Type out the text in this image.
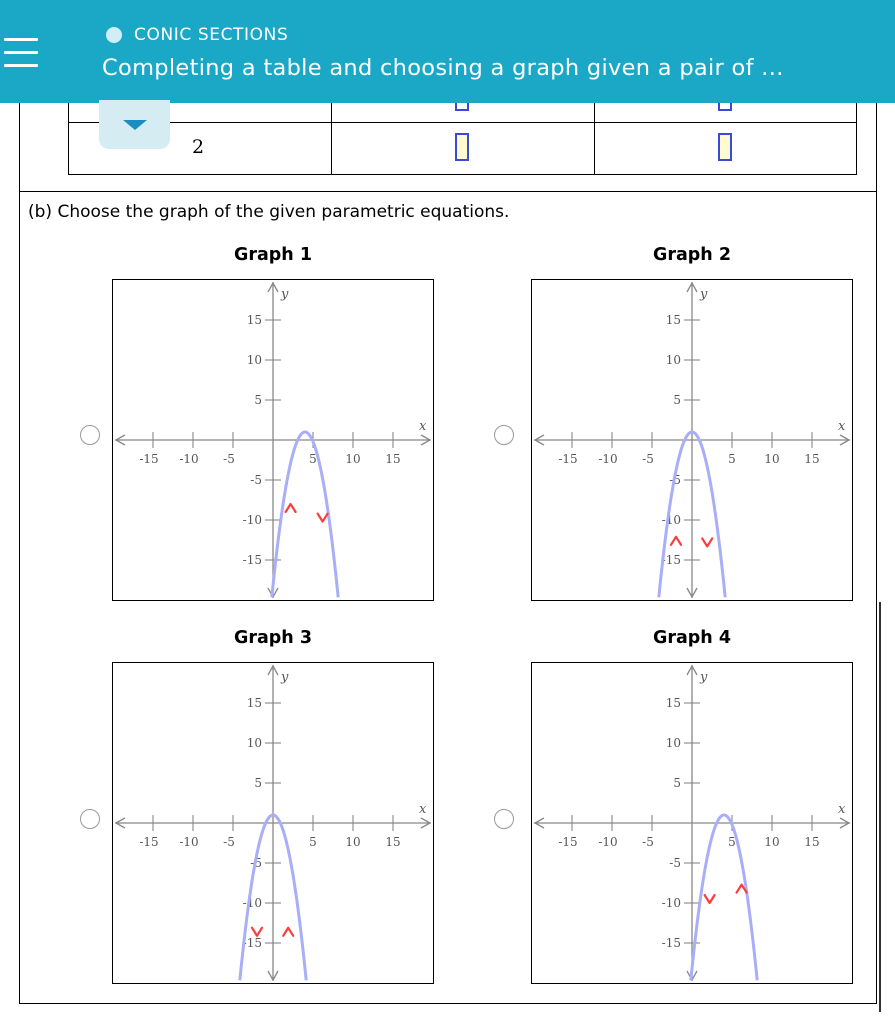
CONIC SECTIONS
Completing a table and choosing a graph given a pair of ...
2
(b) Choose the graph of the given parametric equations.
Graph 1	Graph 2
Graph 3	Graph 4
-15 -10 -5	5 10 15
-15
-10
-5
5
10
15
x
y
-15 -10 -5	5 10 15
-15
-10
-5
5
10
15
x
y
-15 -10 -5	5 10 15
-15
-10
-5
5
10
15
x
y
-15 -10 -5	5 10 15
-15
-10
-5
5
10
15
x
y
